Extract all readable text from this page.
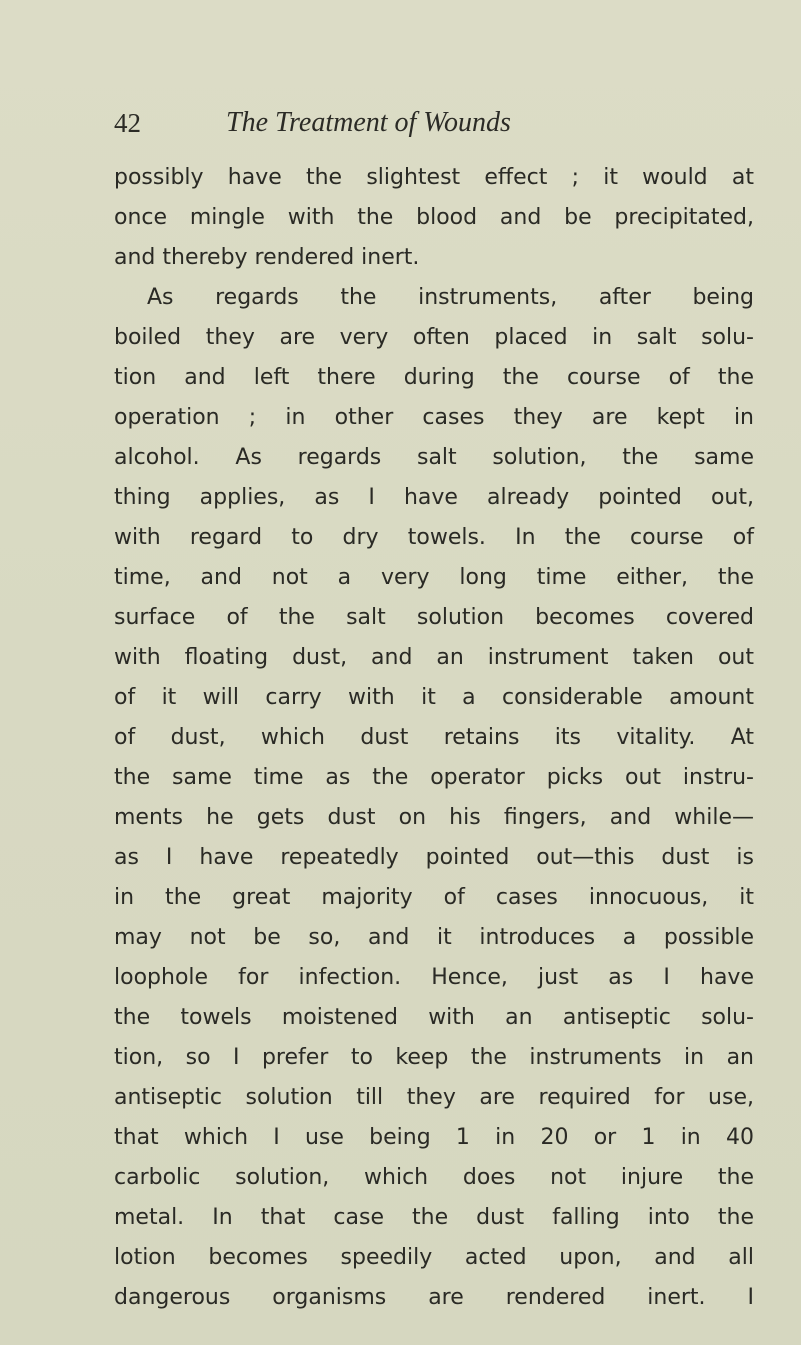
42	The Treatment of Wounds
possibly have the slightest effect ; it would at
once mingle with the blood and be precipitated,
and thereby rendered inert.
As regards the instruments, after being
boiled they are very often placed in salt solu-
tion and left there during the course of the
operation ; in other cases they are kept in
alcohol. As regards salt solution, the same
thing applies, as I have already pointed out,
with regard to dry towels. In the course of
time, and not a very long time either, the
surface of the salt solution becomes covered
with floating dust, and an instrument taken out
of it will carry with it a considerable amount
of dust, which dust retains its vitality. At
the same time as the operator picks out instru-
ments he gets dust on his fingers, and while—
as I have repeatedly pointed out—this dust is
in the great majority of cases innocuous, it
may not be so, and it introduces a possible
loophole for infection. Hence, just as I have
the towels moistened with an antiseptic solu-
tion, so I prefer to keep the instruments in an
antiseptic solution till they are required for use,
that which I use being 1 in 20 or 1 in 40
carbolic solution, which does not injure the
metal. In that case the dust falling into the
lotion becomes speedily acted upon, and all
dangerous organisms are rendered inert. I
